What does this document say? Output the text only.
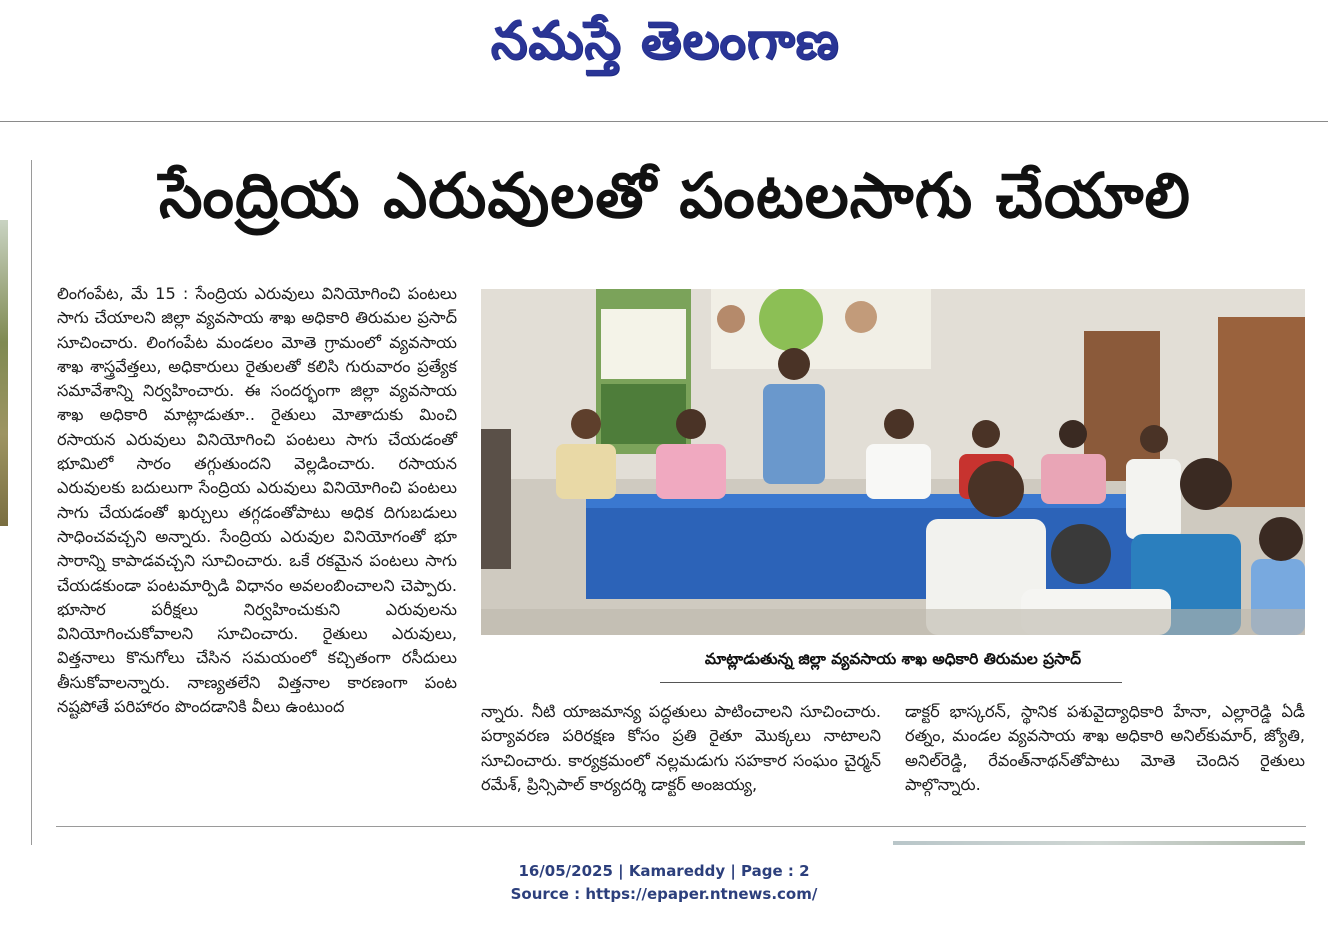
నమస్తే తెలంగాణ
సేంద్రియ ఎరువులతో పంటలసాగు చేయాలి
లింగంపేట, మే 15 : సేంద్రియ ఎరువులు వినియోగించి పంటలు సాగు చేయాలని జిల్లా వ్యవసాయ శాఖ అధికారి తిరుమల ప్రసాద్ సూచించారు. లింగంపేట మండలం మోతె గ్రామంలో వ్యవసాయ శాఖ శాస్త్రవేత్తలు, అధికారులు రైతులతో కలిసి గురువారం ప్రత్యేక సమావేశాన్ని నిర్వహించారు. ఈ సందర్భంగా జిల్లా వ్యవసాయ శాఖ అధికారి మాట్లాడుతూ.. రైతులు మోతాదుకు మించి రసాయన ఎరువులు వినియోగించి పంటలు సాగు చేయడంతో భూమిలో సారం తగ్గుతుందని వెల్లడించారు. రసాయన ఎరువులకు బదులుగా సేంద్రియ ఎరువులు వినియోగించి పంటలు సాగు చేయడంతో ఖర్చులు తగ్గడంతోపాటు అధిక దిగుబడులు సాధించవచ్చని అన్నారు. సేంద్రియ ఎరువుల వినియోగంతో భూ సారాన్ని కాపాడవచ్చని సూచించారు. ఒకే రకమైన పంటలు సాగు చేయడకుండా పంటమార్పిడి విధానం అవలంబించాలని చెప్పారు. భూసార పరీక్షలు నిర్వహించుకుని ఎరువులను వినియోగించుకోవాలని సూచించారు. రైతులు ఎరువులు, విత్తనాలు కొనుగోలు చేసిన సమయంలో కచ్చితంగా రసీదులు తీసుకోవాలన్నారు. నాణ్యతలేని విత్తనాల కారణంగా పంట నష్టపోతే పరిహారం పొందడానికి వీలు ఉంటుంద
మాట్లాడుతున్న జిల్లా వ్యవసాయ శాఖ అధికారి తిరుమల ప్రసాద్
న్నారు. నీటి యాజమాన్య పద్ధతులు పాటించాలని సూచించారు. పర్యావరణ పరిరక్షణ కోసం ప్రతి రైతూ మొక్కలు నాటాలని సూచించారు. కార్యక్రమంలో నల్లమడుగు సహకార సంఘం చైర్మన్ రమేశ్, ప్రిన్సిపాల్ కార్యదర్శి డాక్టర్ అంజయ్య,
డాక్టర్ భాస్కరన్, స్థానిక పశువైద్యాధికారి హేనా, ఎల్లారెడ్డి ఏడీ రత్నం, మండల వ్యవసాయ శాఖ అధికారి అనిల్‌కుమార్, జ్యోతి, అనిల్‌రెడ్డి, రేవంత్‌నాథన్‌తోపాటు మోతె చెందిన రైతులు పాల్గొన్నారు.
16/05/2025 | Kamareddy | Page : 2
Source : https://epaper.ntnews.com/
